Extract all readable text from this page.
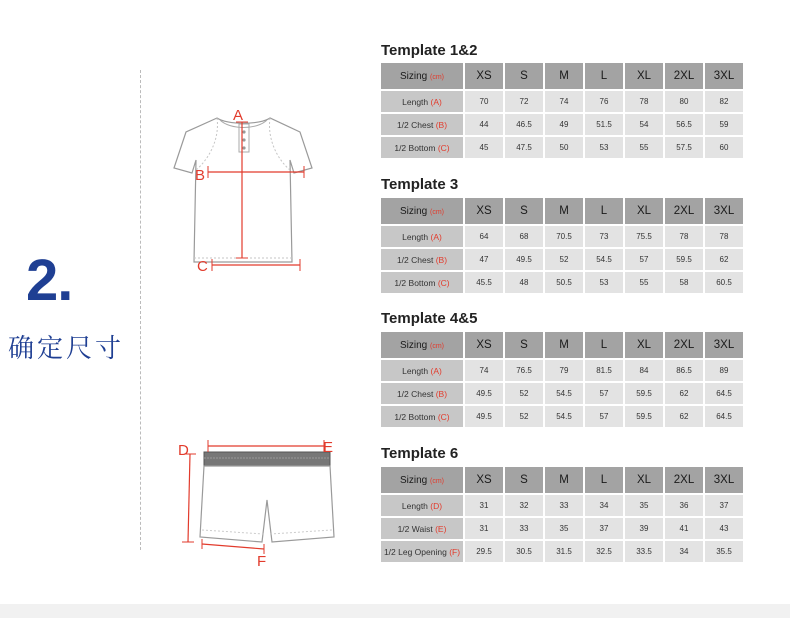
2.
确定尺寸
A
B
C
D	E
F
Template 1&2
Sizing (cm)	XS	S	M	L	XL	2XL	3XL
Length (A)	70	72	74	76	78	80	82
1/2 Chest (B)	44	46.5	49	51.5	54	56.5	59
1/2 Bottom (C)	45	47.5	50	53	55	57.5	60
Template 3
Sizing (cm)	XS	S	M	L	XL	2XL	3XL
Length (A)	64	68	70.5	73	75.5	78	78
1/2 Chest (B)	47	49.5	52	54.5	57	59.5	62
1/2 Bottom (C)	45.5	48	50.5	53	55	58	60.5
Template 4&5
Sizing (cm)	XS	S	M	L	XL	2XL	3XL
Length (A)	74	76.5	79	81.5	84	86.5	89
1/2 Chest (B)	49.5	52	54.5	57	59.5	62	64.5
1/2 Bottom (C)	49.5	52	54.5	57	59.5	62	64.5
Template 6
Sizing (cm)	XS	S	M	L	XL	2XL	3XL
Length (D)	31	32	33	34	35	36	37
1/2 Waist (E)	31	33	35	37	39	41	43
1/2 Leg Opening (F)	29.5	30.5	31.5	32.5	33.5	34	35.5
